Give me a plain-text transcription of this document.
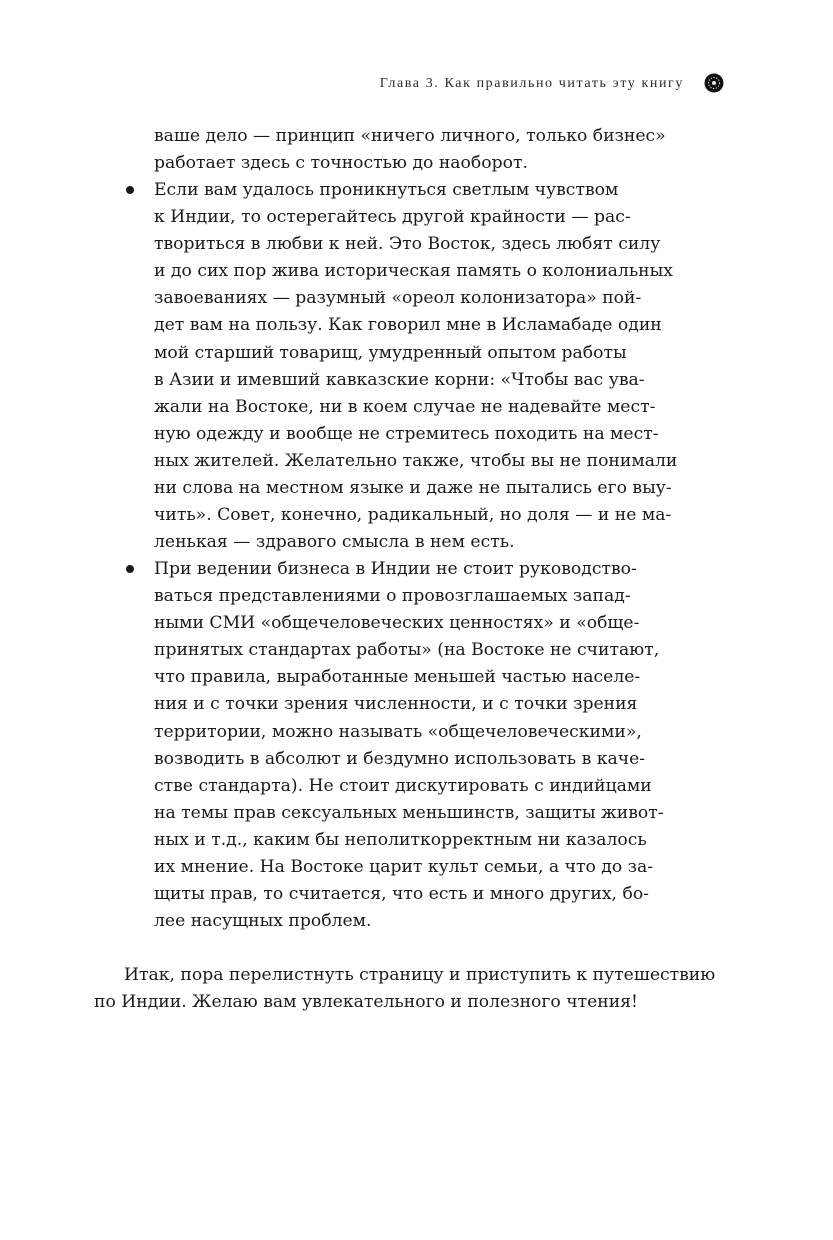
Глава 3. Как правильно читать эту книгу
ваше дело — принцип «ничего личного, только бизнес»
работает здесь с точностью до наоборот.
Если вам удалось проникнуться светлым чувством
к Индии, то остерегайтесь другой крайности — рас-
твориться в любви к ней. Это Восток, здесь любят силу
и до сих пор жива историческая память о колониальных
завоеваниях — разумный «ореол колонизатора» пой-
дет вам на пользу. Как говорил мне в Исламабаде один
мой старший товарищ, умудренный опытом работы
в Азии и имевший кавказские корни: «Чтобы вас ува-
жали на Востоке, ни в коем случае не надевайте мест-
ную одежду и вообще не стремитесь походить на мест-
ных жителей. Желательно также, чтобы вы не понимали
ни слова на местном языке и даже не пытались его выу-
чить». Совет, конечно, радикальный, но доля — и не ма-
ленькая — здравого смысла в нем есть.
При ведении бизнеса в Индии не стоит руководство-
ваться представлениями о провозглашаемых запад-
ными СМИ «общечеловеческих ценностях» и «обще-
принятых стандартах работы» (на Востоке не считают,
что правила, выработанные меньшей частью населе-
ния и с точки зрения численности, и с точки зрения
территории, можно называть «общечеловеческими»,
возводить в абсолют и бездумно использовать в каче-
стве стандарта). Не стоит дискутировать с индийцами
на темы прав сексуальных меньшинств, защиты живот-
ных и т.д., каким бы неполиткорректным ни казалось
их мнение. На Востоке царит культ семьи, а что до за-
щиты прав, то считается, что есть и много других, бо-
лее насущных проблем.
Итак, пора перелистнуть страницу и приступить к путешествию
по Индии. Желаю вам увлекательного и полезного чтения!
